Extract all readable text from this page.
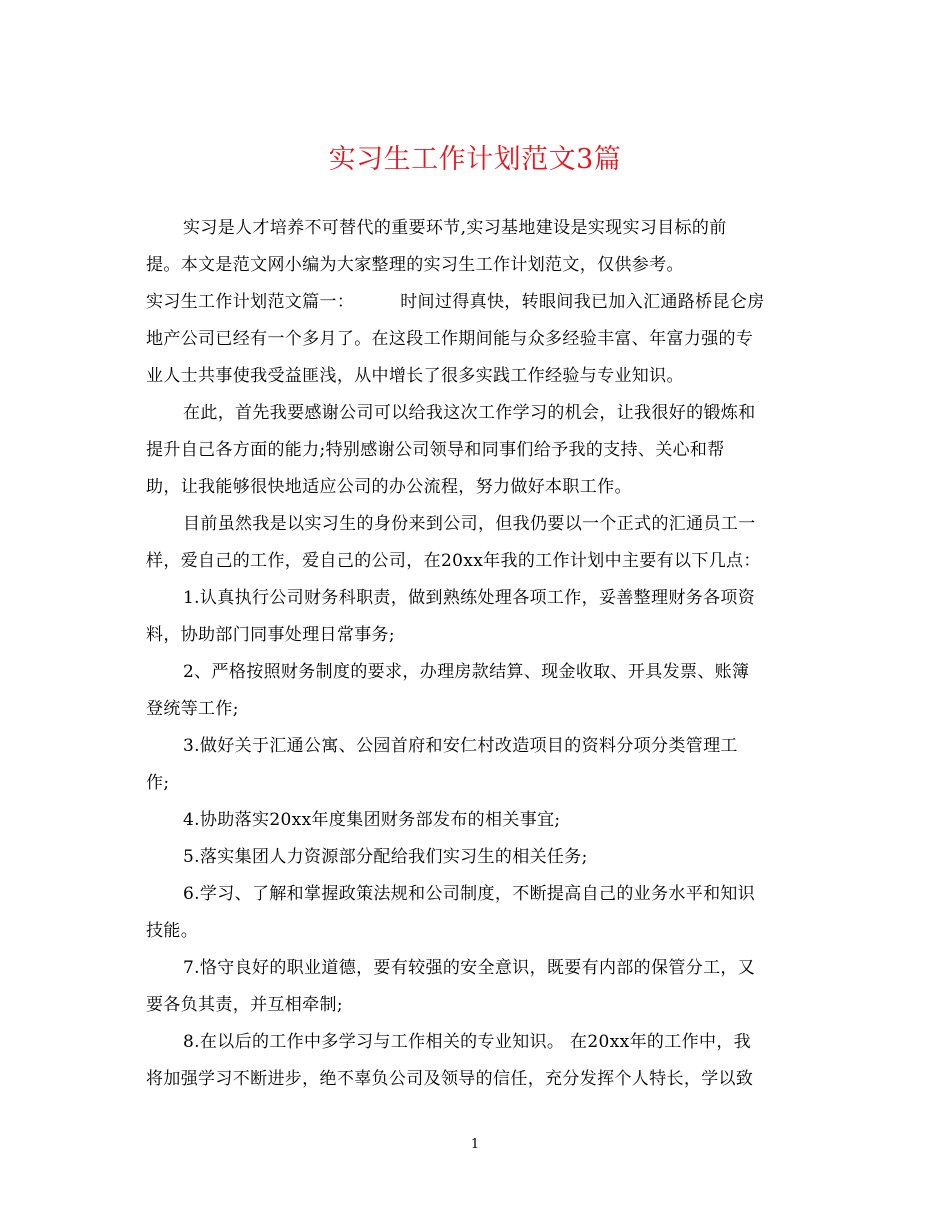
实习生工作计划范文3篇
实习是人才培养不可替代的重要环节,实习基地建设是实现实习目标的前
提。本文是范文网小编为大家整理的实习生工作计划范文，仅供参考。
实习生工作计划范文篇一：	时间过得真快，转眼间我已加入汇通路桥昆仑房
地产公司已经有一个多月了。在这段工作期间能与众多经验丰富、年富力强的专
业人士共事使我受益匪浅，从中增长了很多实践工作经验与专业知识。
在此，首先我要感谢公司可以给我这次工作学习的机会，让我很好的锻炼和
提升自己各方面的能力;特别感谢公司领导和同事们给予我的支持、关心和帮
助，让我能够很快地适应公司的办公流程，努力做好本职工作。
目前虽然我是以实习生的身份来到公司，但我仍要以一个正式的汇通员工一
样，爱自己的工作，爱自己的公司，在20xx年我的工作计划中主要有以下几点：
1.认真执行公司财务科职责，做到熟练处理各项工作，妥善整理财务各项资
料，协助部门同事处理日常事务;
2、严格按照财务制度的要求，办理房款结算、现金收取、开具发票、账簿
登统等工作;
3.做好关于汇通公寓、公园首府和安仁村改造项目的资料分项分类管理工
作;
4.协助落实20xx年度集团财务部发布的相关事宜;
5.落实集团人力资源部分配给我们实习生的相关任务;
6.学习、了解和掌握政策法规和公司制度，不断提高自己的业务水平和知识
技能。
7.恪守良好的职业道德，要有较强的安全意识，既要有内部的保管分工，又
要各负其责，并互相牵制;
8.在以后的工作中多学习与工作相关的专业知识。 在20xx年的工作中，我
将加强学习不断进步，绝不辜负公司及领导的信任，充分发挥个人特长，学以致
1
